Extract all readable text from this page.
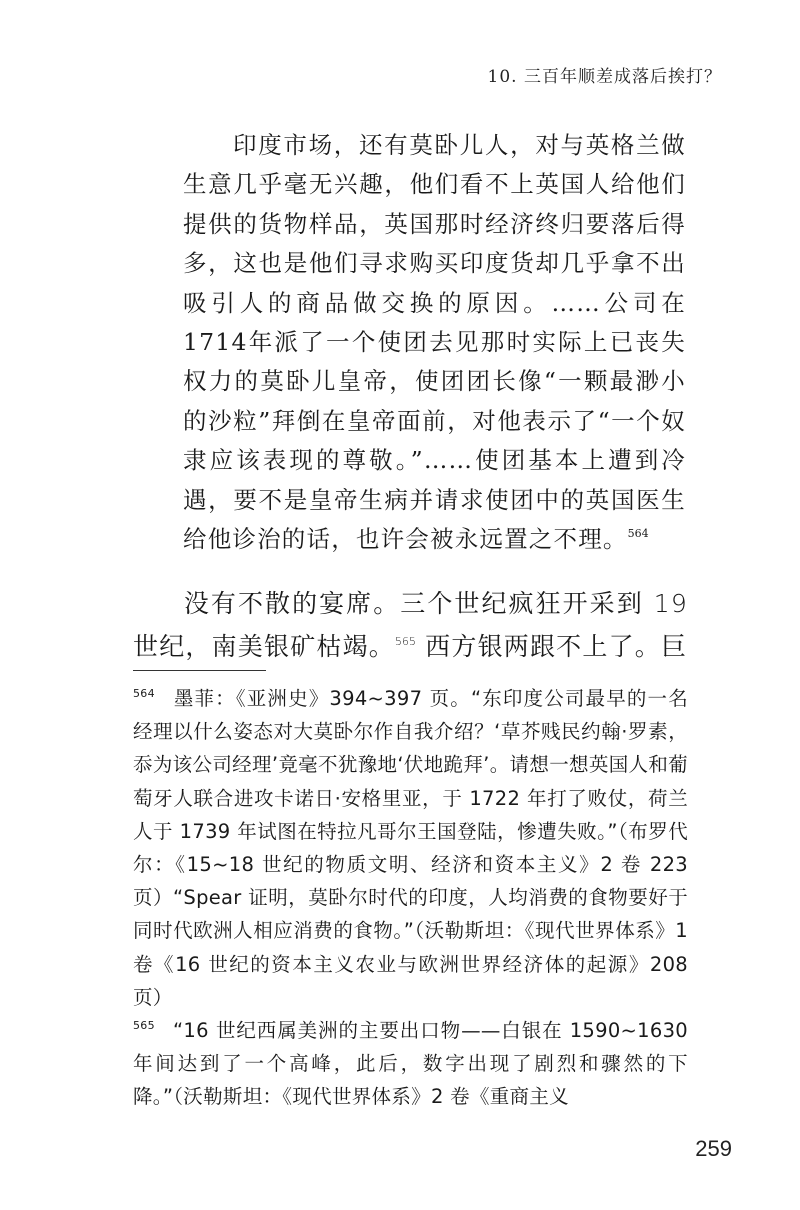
10. 三百年顺差成落后挨打？

印度市场，还有莫卧儿人，对与英格兰做生意几乎毫无兴趣，他们看不上英国人给他们提供的货物样品，英国那时经济终归要落后得多，这也是他们寻求购买印度货却几乎拿不出吸引人的商品做交换的原因。……公司在1714年派了一个使团去见那时实际上已丧失权力的莫卧儿皇帝，使团团长像“一颗最渺小的沙粒”拜倒在皇帝面前，对他表示了“一个奴隶应该表现的尊敬。”……使团基本上遭到冷遇，要不是皇帝生病并请求使团中的英国医生给他诊治的话，也许会被永远置之不理。$^{564}$

没有不散的宴席。三个世纪疯狂开采到 19 世纪，南美银矿枯竭。$^{565}$ 西方银两跟不上了。巨

564 墨菲：《亚洲史》394~397 页。“东印度公司最早的一名经理以什么姿态对大莫卧尔作自我介绍？‘草芥贱民约翰·罗素，忝为该公司经理’竟毫不犹豫地‘伏地跪拜’。请想一想英国人和葡萄牙人联合进攻卡诺日·安格里亚，于 1722 年打了败仗，荷兰人于 1739 年试图在特拉凡哥尔王国登陆，惨遭失败。”（布罗代尔：《15~18 世纪的物质文明、经济和资本主义》2 卷 223 页）“Spear 证明，莫卧尔时代的印度，人均消费的食物要好于同时代欧洲人相应消费的食物。”（沃勒斯坦：《现代世界体系》1 卷《16 世纪的资本主义农业与欧洲世界经济体的起源》208 页）

565 “16 世纪西属美洲的主要出口物——白银在 1590~1630 年间达到了一个高峰，此后，数字出现了剧烈和骤然的下降。”（沃勒斯坦：《现代世界体系》2 卷《重商主义

259
